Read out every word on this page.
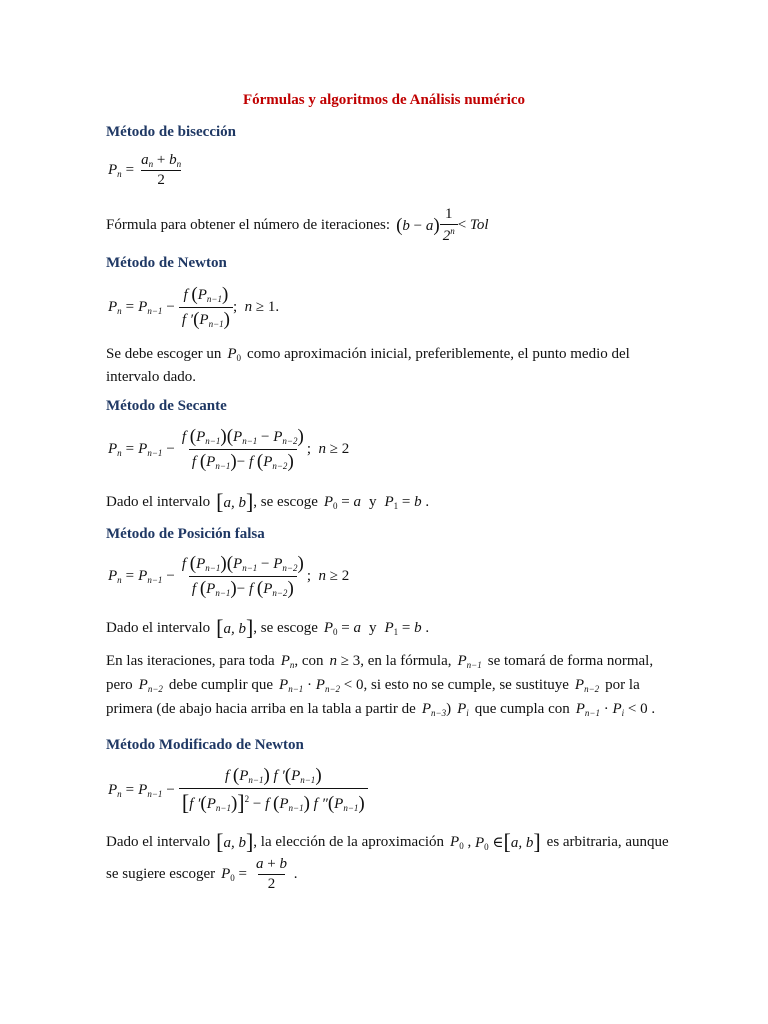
Fórmulas y algoritmos de Análisis numérico
Método de bisección
$P_n = \frac{a_n + b_n}{2}$
Fórmula para obtener el número de iteraciones: $(b - a) \frac{1}{2^n}$ < Tol
Método de Newton
$P_n = P_{n-1} - \frac{f (P_{n-1})}{f '(P_{n-1})}$ ; n ≥ 1.
Se debe escoger un $P_0$ como aproximación inicial, preferiblemente, el punto medio del
intervalo dado.
Método de Secante
$P_n = P_{n-1} - \frac{f (P_{n-1})(P_{n-1} - P_{n-2})}{f (P_{n-1})- f (P_{n-2})}$ ; n ≥ 2
Dado el intervalo [a, b] , se escoge $P_0 = a$ y $P_1 = b$ .
Método de Posición falsa
$P_n = P_{n-1} - \frac{f (P_{n-1})(P_{n-1} - P_{n-2})}{f (P_{n-1})- f (P_{n-2})}$ ; n ≥ 2
Dado el intervalo [a, b] , se escoge $P_0 = a$ y $P_1 = b$ .
En las iteraciones, para toda $P_n$ , con n ≥ 3 , en la fórmula, $P_{n-1}$ se tomará de forma normal,
pero $P_{n-2}$ debe cumplir que $P_{n-1} \cdot P_{n-2} < 0$ , si esto no se cumple, se sustituye $P_{n-2}$ por la
primera (de abajo hacia arriba en la tabla a partir de $P_{n-3}$ ) $P_i$ que cumpla con $P_{n-1} \cdot P_i < 0$ .
Método Modificado de Newton
$P_n = P_{n-1} - \frac{f (P_{n-1}) f '(P_{n-1})}{[f '(P_{n-1})]^2 - f (P_{n-1}) f ''(P_{n-1})}$
Dado el intervalo [a, b] , la elección de la aproximación $P_0$ , $P_0$ ∈[a, b] es arbitraria, aunque
se sugiere escoger $P_0 = \frac{a + b}{2}$ .
